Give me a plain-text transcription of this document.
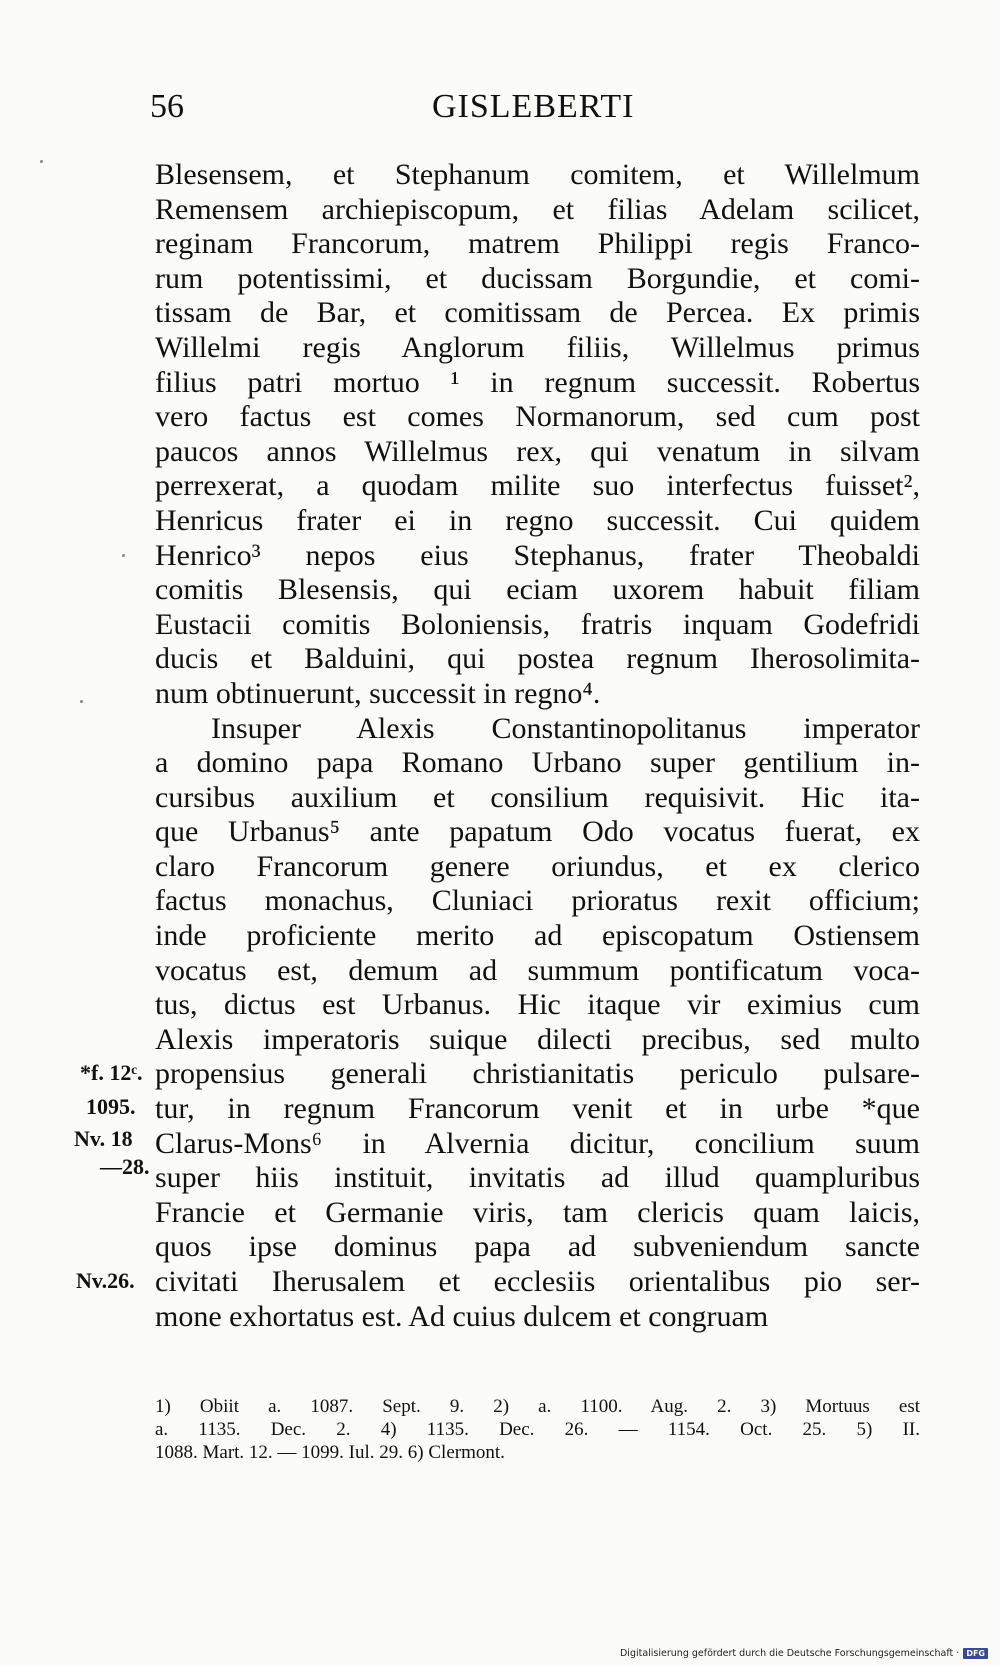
56	GISLEBERTI
Blesensem, et Stephanum comitem, et Willelmum
Remensem archiepiscopum, et filias Adelam scilicet,
reginam Francorum, matrem Philippi regis Franco-
rum potentissimi, et ducissam Borgundie, et comi-
tissam de Bar, et comitissam de Percea. Ex primis
Willelmi regis Anglorum filiis, Willelmus primus
filius patri mortuo ¹ in regnum successit. Robertus
vero factus est comes Normanorum, sed cum post
paucos annos Willelmus rex, qui venatum in silvam
perrexerat, a quodam milite suo interfectus fuisset²,
Henricus frater ei in regno successit. Cui quidem
Henrico³ nepos eius Stephanus, frater Theobaldi
comitis Blesensis, qui eciam uxorem habuit filiam
Eustacii comitis Boloniensis, fratris inquam Godefridi
ducis et Balduini, qui postea regnum Iherosolimita-
num obtinuerunt, successit in regno⁴.
Insuper Alexis Constantinopolitanus imperator
a domino papa Romano Urbano super gentilium in-
cursibus auxilium et consilium requisivit. Hic ita-
que Urbanus⁵ ante papatum Odo vocatus fuerat, ex
claro Francorum genere oriundus, et ex clerico
factus monachus, Cluniaci prioratus rexit officium;
inde proficiente merito ad episcopatum Ostiensem
vocatus est, demum ad summum pontificatum voca-
tus, dictus est Urbanus. Hic itaque vir eximius cum
Alexis imperatoris suique dilecti precibus, sed multo
propensius generali christianitatis periculo pulsare-
tur, in regnum Francorum venit et in urbe *que
Clarus-Mons⁶ in Alvernia dicitur, concilium suum
super hiis instituit, invitatis ad illud quampluribus
Francie et Germanie viris, tam clericis quam laicis,
quos ipse dominus papa ad subveniendum sancte
civitati Iherusalem et ecclesiis orientalibus pio ser-
mone exhortatus est. Ad cuius dulcem et congruam
*f. 12ᶜ.
1095.
Nv. 18
—28.
Nv.26.
1) Obiit a. 1087. Sept. 9. 2) a. 1100. Aug. 2. 3) Mortuus est
a. 1135. Dec. 2. 4) 1135. Dec. 26. — 1154. Oct. 25. 5) II.
1088. Mart. 12. — 1099. Iul. 29. 6) Clermont.
Digitalisierung gefördert durch die Deutsche Forschungsgemeinschaft · DFG
